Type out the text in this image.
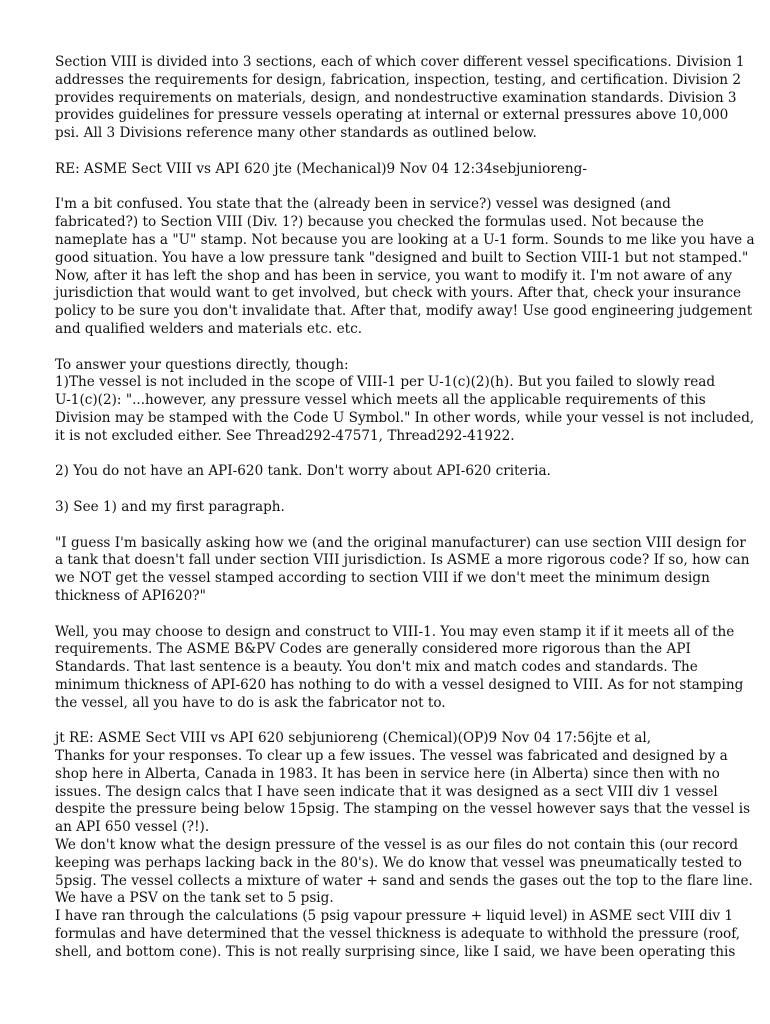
Section VIII is divided into 3 sections, each of which cover different vessel specifications. Division 1
addresses the requirements for design, fabrication, inspection, testing, and certification. Division 2
provides requirements on materials, design, and nondestructive examination standards. Division 3
provides guidelines for pressure vessels operating at internal or external pressures above 10,000
psi. All 3 Divisions reference many other standards as outlined below.
RE: ASME Sect VIII vs API 620 jte (Mechanical)9 Nov 04 12:34sebjunioreng-
I'm a bit confused. You state that the (already been in service?) vessel was designed (and
fabricated?) to Section VIII (Div. 1?) because you checked the formulas used. Not because the
nameplate has a "U" stamp. Not because you are looking at a U-1 form. Sounds to me like you have a
good situation. You have a low pressure tank "designed and built to Section VIII-1 but not stamped."
Now, after it has left the shop and has been in service, you want to modify it. I'm not aware of any
jurisdiction that would want to get involved, but check with yours. After that, check your insurance
policy to be sure you don't invalidate that. After that, modify away! Use good engineering judgement
and qualified welders and materials etc. etc.
To answer your questions directly, though:
1)The vessel is not included in the scope of VIII-1 per U-1(c)(2)(h). But you failed to slowly read
U-1(c)(2): "...however, any pressure vessel which meets all the applicable requirements of this
Division may be stamped with the Code U Symbol." In other words, while your vessel is not included,
it is not excluded either. See Thread292-47571, Thread292-41922.
2) You do not have an API-620 tank. Don't worry about API-620 criteria.
3) See 1) and my first paragraph.
"I guess I'm basically asking how we (and the original manufacturer) can use section VIII design for
a tank that doesn't fall under section VIII jurisdiction. Is ASME a more rigorous code? If so, how can
we NOT get the vessel stamped according to section VIII if we don't meet the minimum design
thickness of API620?"
Well, you may choose to design and construct to VIII-1. You may even stamp it if it meets all of the
requirements. The ASME B&PV Codes are generally considered more rigorous than the API
Standards. That last sentence is a beauty. You don't mix and match codes and standards. The
minimum thickness of API-620 has nothing to do with a vessel designed to VIII. As for not stamping
the vessel, all you have to do is ask the fabricator not to.
jt RE: ASME Sect VIII vs API 620 sebjunioreng (Chemical)(OP)9 Nov 04 17:56jte et al,
Thanks for your responses. To clear up a few issues. The vessel was fabricated and designed by a
shop here in Alberta, Canada in 1983. It has been in service here (in Alberta) since then with no
issues. The design calcs that I have seen indicate that it was designed as a sect VIII div 1 vessel
despite the pressure being below 15psig. The stamping on the vessel however says that the vessel is
an API 650 vessel (?!).
We don't know what the design pressure of the vessel is as our files do not contain this (our record
keeping was perhaps lacking back in the 80's). We do know that vessel was pneumatically tested to
5psig. The vessel collects a mixture of water + sand and sends the gases out the top to the flare line.
We have a PSV on the tank set to 5 psig.
I have ran through the calculations (5 psig vapour pressure + liquid level) in ASME sect VIII div 1
formulas and have determined that the vessel thickness is adequate to withhold the pressure (roof,
shell, and bottom cone). This is not really surprising since, like I said, we have been operating this
